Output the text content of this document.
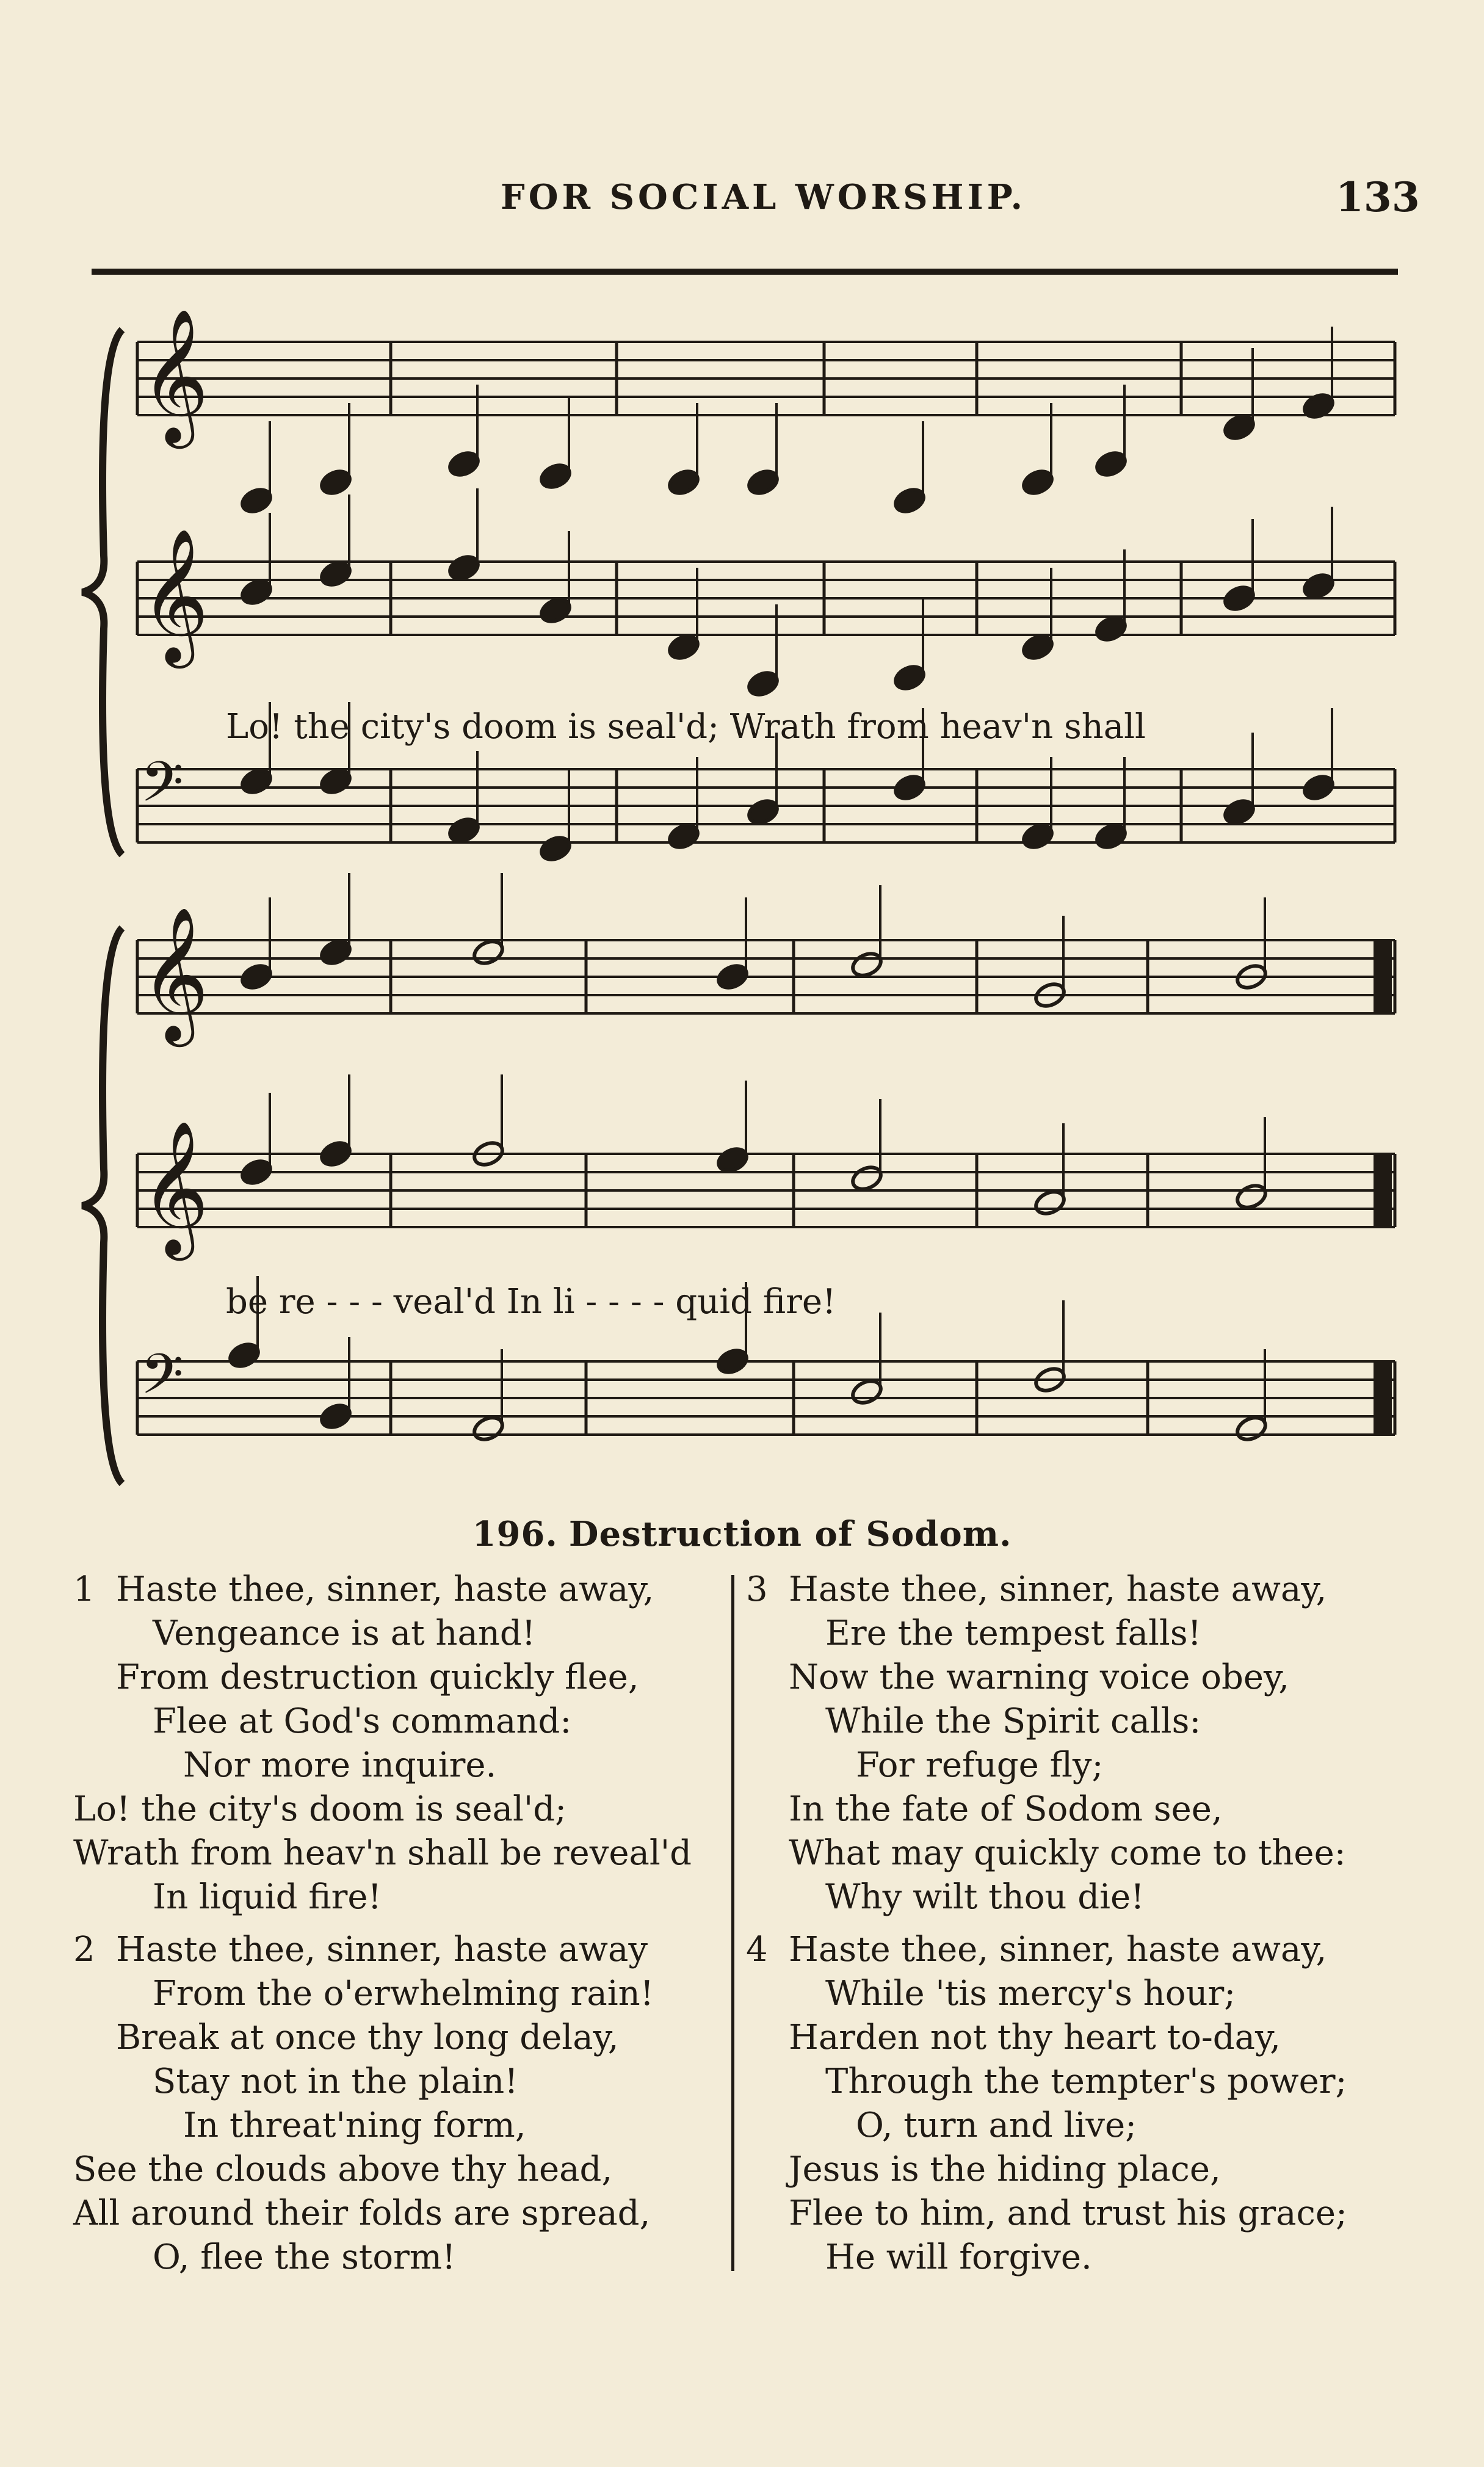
FOR SOCIAL WORSHIP.	133
𝄞
𝄞
𝄢
𝄞
𝄞
𝄢
Lo! the city's doom is seal'd; Wrath from heav'n shall
be re - - - veal'd In li - - - - quid fire!
196. Destruction of Sodom.
1 Haste thee, sinner, haste away,
Vengeance is at hand!
From destruction quickly flee,
Flee at God's command:
Nor more inquire.
Lo! the city's doom is seal'd;
Wrath from heav'n shall be reveal'd
In liquid fire!
2 Haste thee, sinner, haste away
From the o'erwhelming rain!
Break at once thy long delay,
Stay not in the plain!
In threat'ning form,
See the clouds above thy head,
All around their folds are spread,
O, flee the storm!
3 Haste thee, sinner, haste away,
Ere the tempest falls!
Now the warning voice obey,
While the Spirit calls:
For refuge fly;
In the fate of Sodom see,
What may quickly come to thee:
Why wilt thou die!
4 Haste thee, sinner, haste away,
While 'tis mercy's hour;
Harden not thy heart to-day,
Through the tempter's power;
O, turn and live;
Jesus is the hiding place,
Flee to him, and trust his grace;
He will forgive.
